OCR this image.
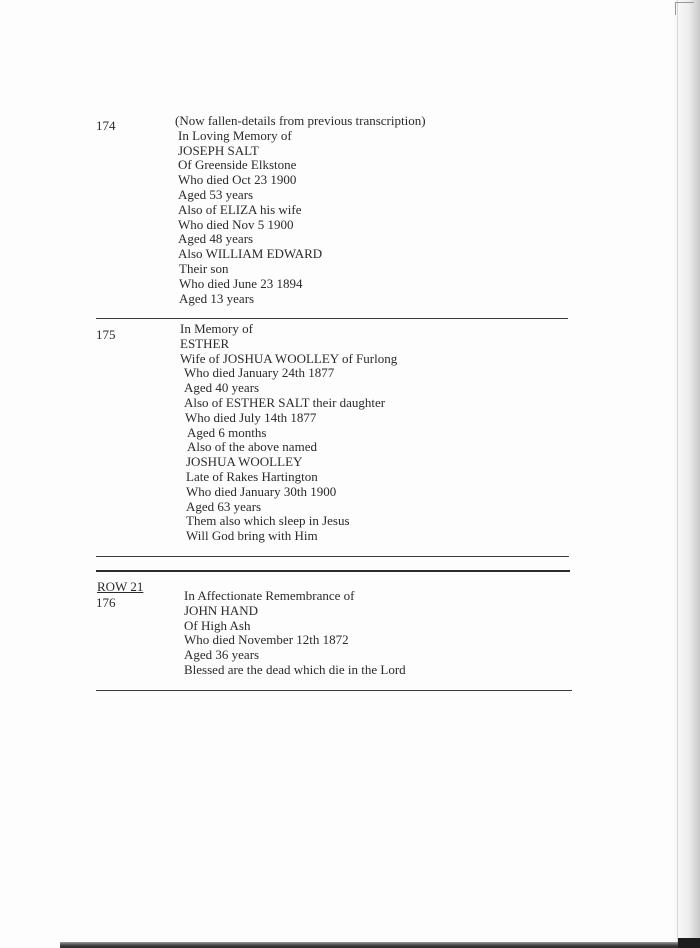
174	(Now fallen-details from previous transcription)
In Loving Memory of
JOSEPH SALT
Of Greenside Elkstone
Who died Oct 23 1900
Aged 53 years
Also of ELIZA his wife
Who died Nov 5 1900
Aged 48 years
Also WILLIAM EDWARD
Their son
Who died June 23 1894
Aged 13 years
175	In Memory of
ESTHER
Wife of JOSHUA WOOLLEY of Furlong
Who died January 24th 1877
Aged 40 years
Also of ESTHER SALT their daughter
Who died July 14th 1877
Aged 6 months
Also of the above named
JOSHUA WOOLLEY
Late of Rakes Hartington
Who died January 30th 1900
Aged 63 years
Them also which sleep in Jesus
Will God bring with Him
ROW 21
176	In Affectionate Remembrance of
JOHN HAND
Of High Ash
Who died November 12th 1872
Aged 36 years
Blessed are the dead which die in the Lord
